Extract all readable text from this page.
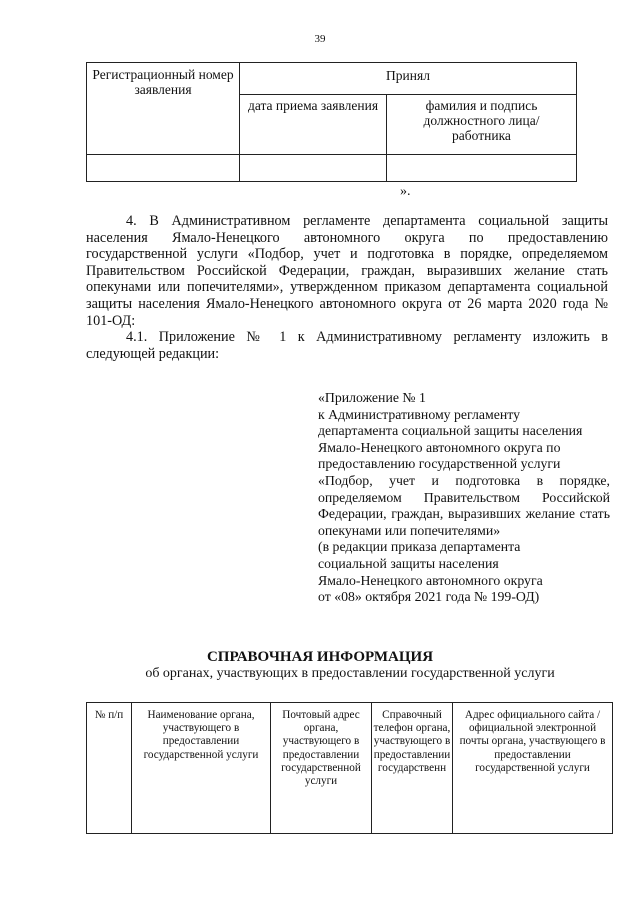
39
Регистрационный номер заявления	Принял	
	дата приема заявления	фамилия и подпись должностного лица/работника

».

4. В Административном регламенте департамента социальной защиты населения Ямало-Ненецкого автономного округа по предоставлению государственной услуги «Подбор, учет и подготовка в порядке, определяемом Правительством Российской Федерации, граждан, выразивших желание стать опекунами или попечителями», утвержденном приказом департамента социальной защиты населения Ямало-Ненецкого автономного округа от 26 марта 2020 года № 101-ОД:

4.1. Приложение № 1 к Административному регламенту изложить в следующей редакции:

«Приложение № 1
к Административному регламенту
департамента социальной защиты населения
Ямало-Ненецкого автономного округа по
предоставлению государственной услуги
«Подбор, учет и подготовка в порядке, определяемом Правительством Российской Федерации, граждан, выразивших желание стать опекунами или попечителями»
(в редакции приказа департамента
социальной защиты населения
Ямало-Ненецкого автономного округа
от «08» октября 2021 года № 199-ОД)
СПРАВОЧНАЯ ИНФОРМАЦИЯ
об органах, участвующих в предоставлении государственной услуги
№ п/п	Наименование органа, участвующего в предоставлении государственной услуги	Почтовый адрес органа, участвующего в предоставлении государственной услуги	Справочный телефон органа, участвующего в предоставлении государственн	Адрес официального сайта /официальной электронной почты органа, участвующего в предоставлении государственной услуги
